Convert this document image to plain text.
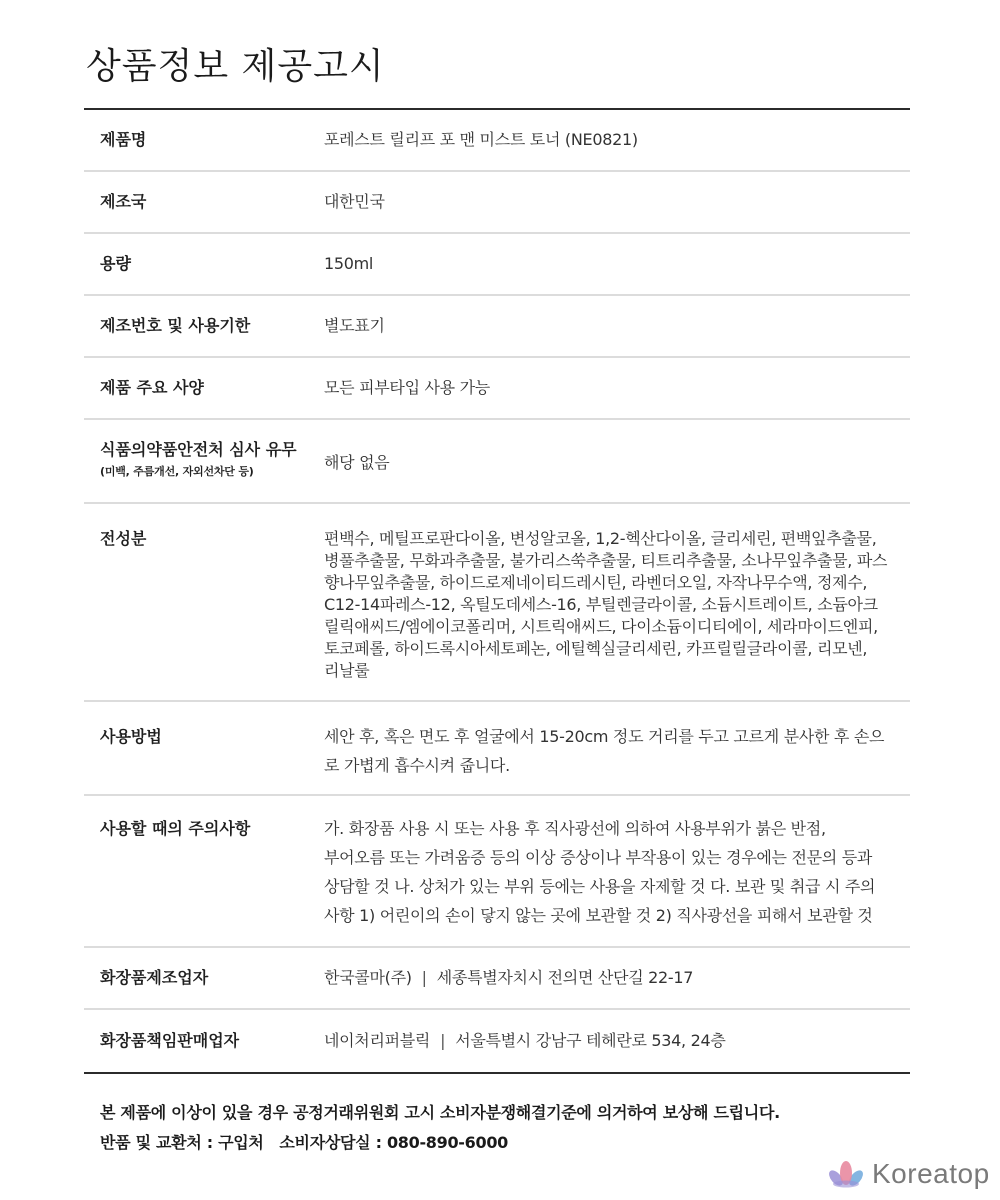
상품정보 제공고시
제품명	포레스트 릴리프 포 맨 미스트 토너 (NE0821)
제조국	대한민국
용량	150ml
제조번호 및 사용기한	별도표기
제품 주요 사양	모든 피부타입 사용 가능
식품의약품안전처 심사 유무
(미백, 주름개선, 자외선차단 등)	해당 없음
전성분	편백수, 메틸프로판다이올, 변성알코올, 1,2-헥산다이올, 글리세린, 편백잎추출물,
병풀추출물, 무화과추출물, 불가리스쑥추출물, 티트리추출물, 소나무잎추출물, 파스
향나무잎추출물, 하이드로제네이티드레시틴, 라벤더오일, 자작나무수액, 정제수,
C12-14파레스-12, 옥틸도데세스-16, 부틸렌글라이콜, 소듐시트레이트, 소듐아크
릴릭애씨드/엠에이코폴리머, 시트릭애씨드, 다이소듐이디티에이, 세라마이드엔피,
토코페롤, 하이드록시아세토페논, 에틸헥실글리세린, 카프릴릴글라이콜, 리모넨,
리날룰
사용방법	세안 후, 혹은 면도 후 얼굴에서 15-20cm 정도 거리를 두고 고르게 분사한 후 손으
로 가볍게 흡수시켜 줍니다.
사용할 때의 주의사항	가. 화장품 사용 시 또는 사용 후 직사광선에 의하여 사용부위가 붉은 반점,
부어오름 또는 가려움증 등의 이상 증상이나 부작용이 있는 경우에는 전문의 등과
상담할 것 나. 상처가 있는 부위 등에는 사용을 자제할 것 다. 보관 및 취급 시 주의
사항 1) 어린이의 손이 닿지 않는 곳에 보관할 것 2) 직사광선을 피해서 보관할 것
화장품제조업자	한국콜마(주) | 세종특별자치시 전의면 산단길 22-17
화장품책임판매업자	네이처리퍼블릭 | 서울특별시 강남구 테헤란로 534, 24층

본 제품에 이상이 있을 경우 공정거래위원회 고시 소비자분쟁해결기준에 의거하여 보상해 드립니다.

반품 및 교환처 : 구입처   소비자상담실 : 080-890-6000

Koreatop
